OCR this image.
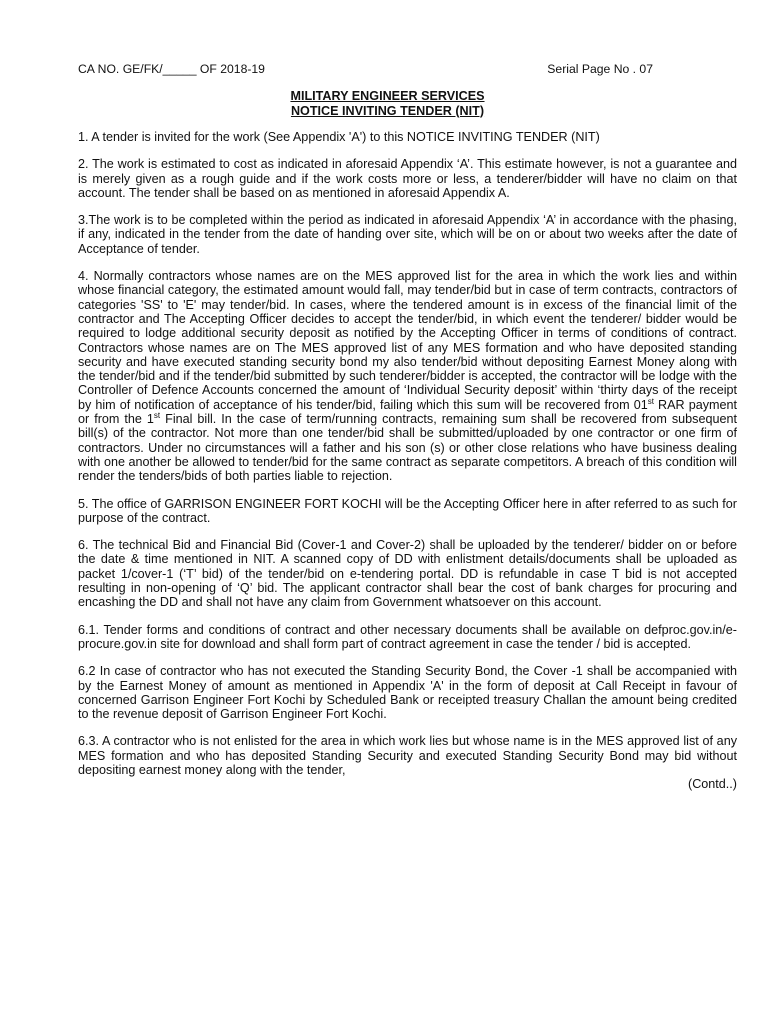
CA NO. GE/FK/_____ OF 2018-19	Serial Page No . 07
MILITARY ENGINEER SERVICES
NOTICE INVITING TENDER (NIT)

1. A tender is invited for the work (See Appendix 'A') to this NOTICE INVITING TENDER (NIT)

2. The work is estimated to cost as indicated in aforesaid Appendix ‘A’. This estimate however, is not a guarantee and is merely given as a rough guide and if the work costs more or less, a tenderer/bidder will have no claim on that account. The tender shall be based on as mentioned in aforesaid Appendix A.

3.The work is to be completed within the period as indicated in aforesaid Appendix ‘A’ in accordance with the phasing, if any, indicated in the tender from the date of handing over site, which will be on or about two weeks after the date of Acceptance of tender.

4. Normally contractors whose names are on the MES approved list for the area in which the work lies and within whose financial category, the estimated amount would fall, may tender/bid but in case of term contracts, contractors of categories 'SS' to 'E' may tender/bid. In cases, where the tendered amount is in excess of the financial limit of the contractor and The Accepting Officer decides to accept the tender/bid, in which event the tenderer/ bidder would be required to lodge additional security deposit as notified by the Accepting Officer in terms of conditions of contract. Contractors whose names are on The MES approved list of any MES formation and who have deposited standing security and have executed standing security bond my also tender/bid without depositing Earnest Money along with the tender/bid and if the tender/bid submitted by such tenderer/bidder is accepted, the contractor will be lodge with the Controller of Defence Accounts concerned the amount of ‘Individual Security deposit’ within ‘thirty days of the receipt by him of notification of acceptance of his tender/bid, failing which this sum will be recovered from 01st RAR payment or from the 1st Final bill. In the case of term/running contracts, remaining sum shall be recovered from subsequent bill(s) of the contractor. Not more than one tender/bid shall be submitted/uploaded by one contractor or one firm of contractors. Under no circumstances will a father and his son (s) or other close relations who have business dealing with one another be allowed to tender/bid for the same contract as separate competitors. A breach of this condition will render the tenders/bids of both parties liable to rejection.

5. The office of GARRISON ENGINEER FORT KOCHI will be the Accepting Officer here in after referred to as such for purpose of the contract.

6. The technical Bid and Financial Bid (Cover-1 and Cover-2) shall be uploaded by the tenderer/ bidder on or before the date & time mentioned in NIT. A scanned copy of DD with enlistment details/documents shall be uploaded as packet 1/cover-1 (‘T’ bid) of the tender/bid on e-tendering portal. DD is refundable in case T bid is not accepted resulting in non-opening of ‘Q’ bid. The applicant contractor shall bear the cost of bank charges for procuring and encashing the DD and shall not have any claim from Government whatsoever on this account.

6.1. Tender forms and conditions of contract and other necessary documents shall be available on defproc.gov.in/e-procure.gov.in site for download and shall form part of contract agreement in case the tender / bid is accepted.

6.2 In case of contractor who has not executed the Standing Security Bond, the Cover -1 shall be accompanied with by the Earnest Money of amount as mentioned in Appendix 'A' in the form of deposit at Call Receipt in favour of concerned Garrison Engineer Fort Kochi by Scheduled Bank or receipted treasury Challan the amount being credited to the revenue deposit of Garrison Engineer Fort Kochi.

6.3. A contractor who is not enlisted for the area in which work lies but whose name is in the MES approved list of any MES formation and who has deposited Standing Security and executed Standing Security Bond may bid without depositing earnest money along with the tender,

(Contd..)
